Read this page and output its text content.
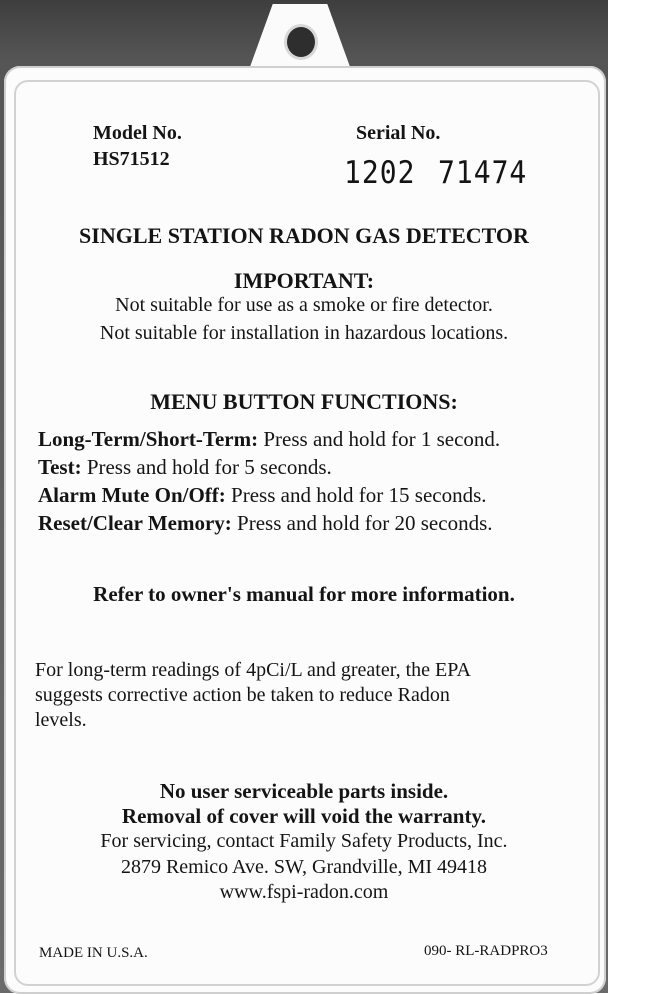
Model No.
HS71512
Serial No.
1202 71474
SINGLE STATION RADON GAS DETECTOR
IMPORTANT:
Not suitable for use as a smoke or fire detector.
Not suitable for installation in hazardous locations.
MENU BUTTON FUNCTIONS:
Long-Term/Short-Term: Press and hold for 1 second.
Test: Press and hold for 5 seconds.
Alarm Mute On/Off: Press and hold for 15 seconds.
Reset/Clear Memory: Press and hold for 20 seconds.
Refer to owner's manual for more information.
For long-term readings of 4pCi/L and greater, the EPA
suggests corrective action be taken to reduce Radon
levels.
No user serviceable parts inside.
Removal of cover will void the warranty.
For servicing, contact Family Safety Products, Inc.
2879 Remico Ave. SW, Grandville, MI 49418
www.fspi-radon.com
MADE IN U.S.A.	090- RL-RADPRO3
